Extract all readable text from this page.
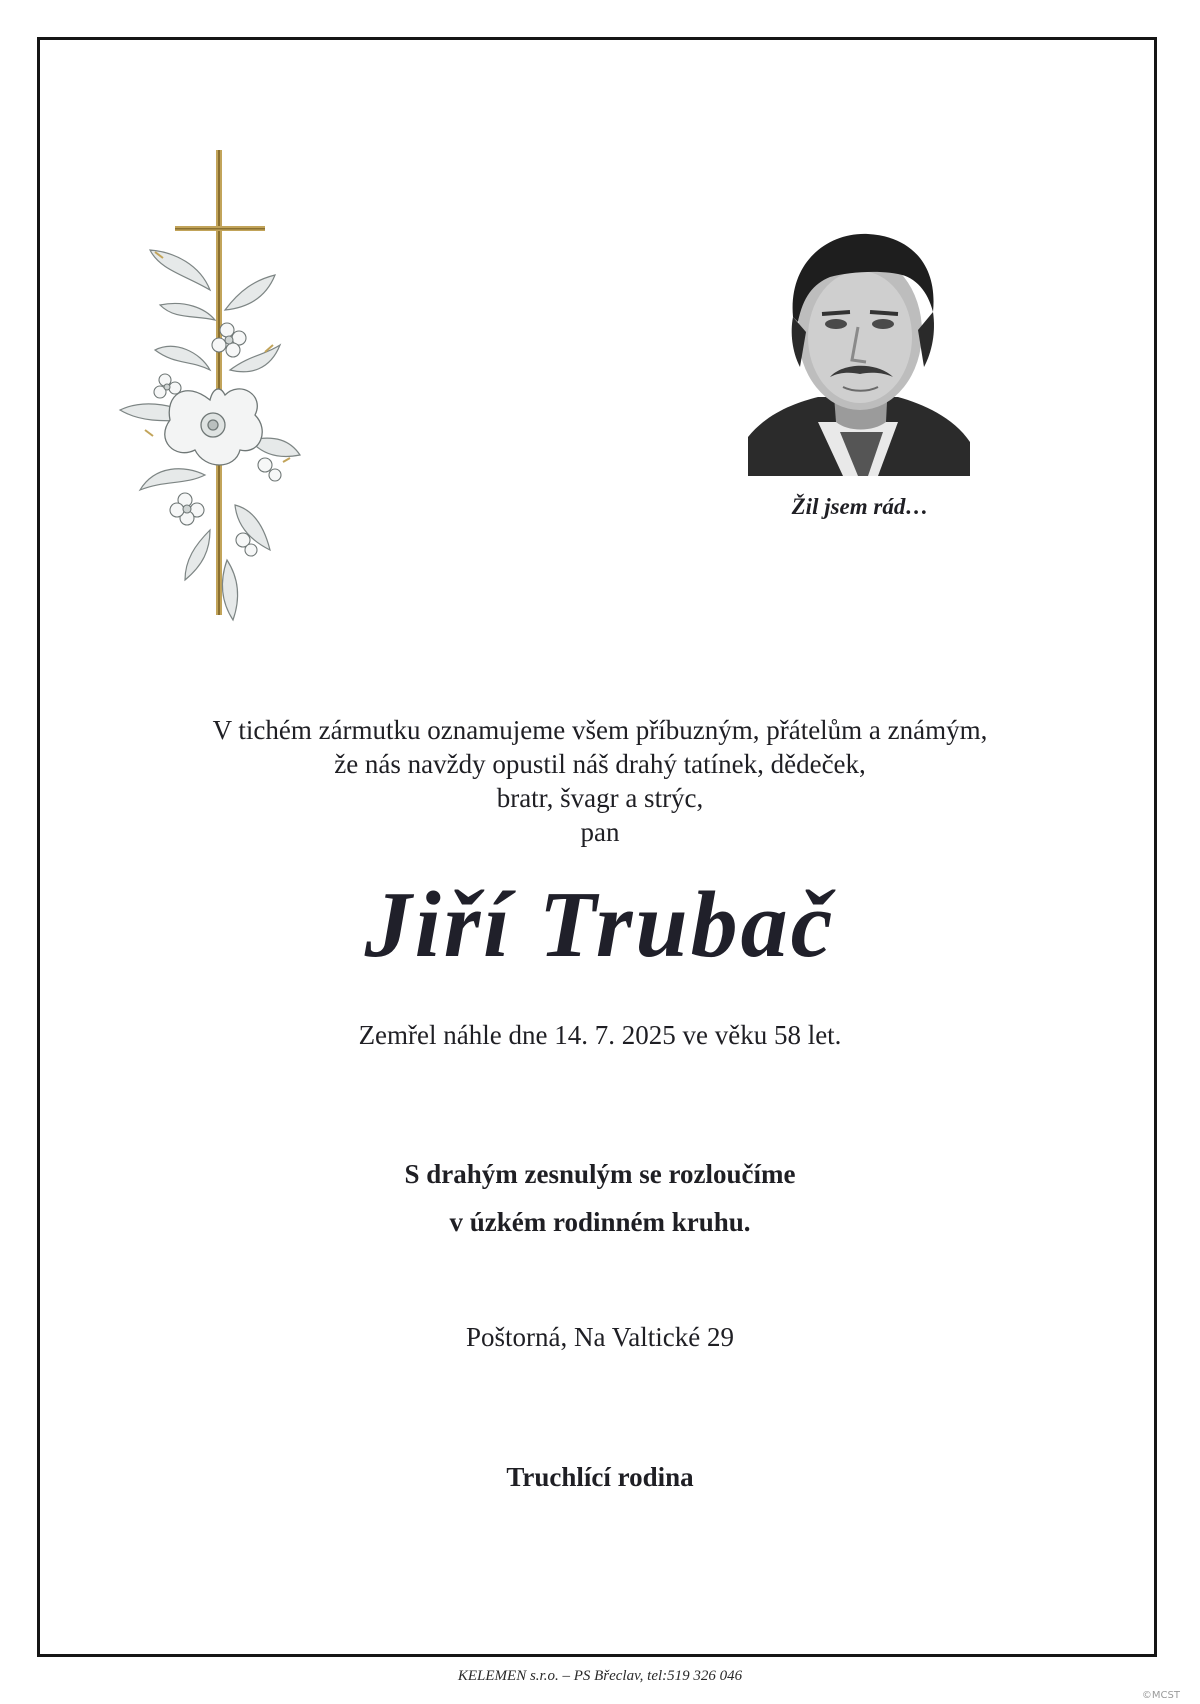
Žil jsem rád…
V tichém zármutku oznamujeme všem příbuzným, přátelům a známým,
že nás navždy opustil náš drahý tatínek, dědeček,
bratr, švagr a strýc,
pan
Jiří Trubač
Zemřel náhle dne 14. 7. 2025 ve věku 58 let.
S drahým zesnulým se rozloučíme
v úzkém rodinném kruhu.
Poštorná, Na Valtické 29
Truchlící rodina
KELEMEN s.r.o. – PS Břeclav, tel:519 326 046
©MCST
